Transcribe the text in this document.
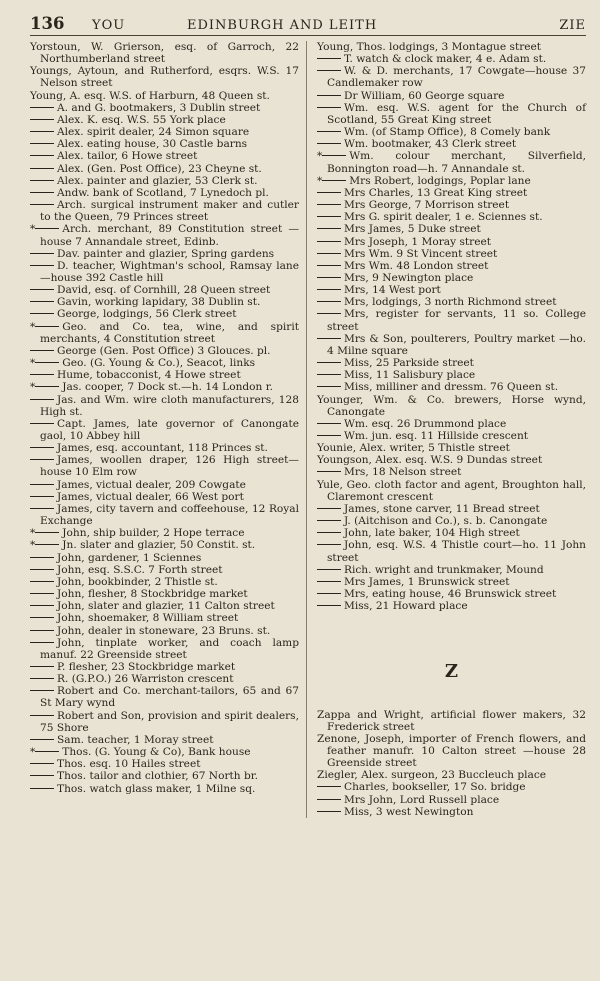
136	YOU	EDINBURGH AND LEITH	ZIE
Yorstoun, W. Grierson, esq. of Garroch, 22 Northumberland street
Youngs, Aytoun, and Rutherford, esqrs. W.S. 17 Nelson street
Young, A. esq. W.S. of Harburn, 48 Queen st.
A. and G. bootmakers, 3 Dublin street
Alex. K. esq. W.S. 55 York place
Alex. spirit dealer, 24 Simon square
Alex. eating house, 30 Castle barns
Alex. tailor, 6 Howe street
Alex. (Gen. Post Office), 23 Cheyne st.
Alex. painter and glazier, 53 Clerk st.
Andw. bank of Scotland, 7 Lynedoch pl.
Arch. surgical instrument maker and cutler to the Queen, 79 Princes street
*	Arch. merchant, 89 Constitution street —house 7 Annandale street, Edinb.
Dav. painter and glazier, Spring gardens
D. teacher, Wightman's school, Ramsay lane—house 392 Castle hill
David, esq. of Cornhill, 28 Queen street
Gavin, working lapidary, 38 Dublin st.
George, lodgings, 56 Clerk street
*	Geo. and Co. tea, wine, and spirit merchants, 4 Constitution street
George (Gen. Post Office) 3 Glouces. pl.
*	Geo. (G. Young & Co.), Seacot, links
Hume, tobacconist, 4 Howe street
*	Jas. cooper, 7 Dock st.—h. 14 London r.
Jas. and Wm. wire cloth manufacturers, 128 High st.
Capt. James, late governor of Canongate gaol, 10 Abbey hill
James, esq. accountant, 118 Princes st.
James, woollen draper, 126 High street—house 10 Elm row
James, victual dealer, 209 Cowgate
James, victual dealer, 66 West port
James, city tavern and coffeehouse, 12 Royal Exchange
*	John, ship builder, 2 Hope terrace
*	Jn. slater and glazier, 50 Constit. st.
John, gardener, 1 Sciennes
John, esq. S.S.C. 7 Forth street
John, bookbinder, 2 Thistle st.
John, flesher, 8 Stockbridge market
John, slater and glazier, 11 Calton street
John, shoemaker, 8 William street
John, dealer in stoneware, 23 Bruns. st.
John, tinplate worker, and coach lamp manuf. 22 Greenside street
P. flesher, 23 Stockbridge market
R. (G.P.O.) 26 Warriston crescent
Robert and Co. merchant-tailors, 65 and 67 St Mary wynd
Robert and Son, provision and spirit dealers, 75 Shore
Sam. teacher, 1 Moray street
*	Thos. (G. Young & Co), Bank house
Thos. esq. 10 Hailes street
Thos. tailor and clothier, 67 North br.
Thos. watch glass maker, 1 Milne sq.
Young, Thos. lodgings, 3 Montague street
T. watch & clock maker, 4 e. Adam st.
W. & D. merchants, 17 Cowgate—house 37 Candlemaker row
Dr William, 60 George square
Wm. esq. W.S. agent for the Church of Scotland, 55 Great King street
Wm. (of Stamp Office), 8 Comely bank
Wm. bootmaker, 43 Clerk street
*	Wm. colour merchant, Silverfield, Bonnington road—h. 7 Annandale st.
*	Mrs Robert, lodgings, Poplar lane
Mrs Charles, 13 Great King street
Mrs George, 7 Morrison street
Mrs G. spirit dealer, 1 e. Sciennes st.
Mrs James, 5 Duke street
Mrs Joseph, 1 Moray street
Mrs Wm. 9 St Vincent street
Mrs Wm. 48 London street
Mrs, 9 Newington place
Mrs, 14 West port
Mrs, lodgings, 3 north Richmond street
Mrs, register for servants, 11 so. College street
Mrs & Son, poulterers, Poultry market —ho. 4 Milne square
Miss, 25 Parkside street
Miss, 11 Salisbury place
Miss, milliner and dressm. 76 Queen st.
Younger, Wm. & Co. brewers, Horse wynd, Canongate
Wm. esq. 26 Drummond place
Wm. jun. esq. 11 Hillside crescent
Younie, Alex. writer, 5 Thistle street
Youngson, Alex. esq. W.S. 9 Dundas street
Mrs, 18 Nelson street
Yule, Geo. cloth factor and agent, Broughton hall, Claremont crescent
James, stone carver, 11 Bread street
J. (Aitchison and Co.), s. b. Canongate
John, late baker, 104 High street
John, esq. W.S. 4 Thistle court—ho. 11 John street
Rich. wright and trunkmaker, Mound
Mrs James, 1 Brunswick street
Mrs, eating house, 46 Brunswick street
Miss, 21 Howard place
Z
Zappa and Wright, artificial flower makers, 32 Frederick street
Zenone, Joseph, importer of French flowers, and feather manufr. 10 Calton street —house 28 Greenside street
Ziegler, Alex. surgeon, 23 Buccleuch place
Charles, bookseller, 17 So. bridge
Mrs John, Lord Russell place
Miss, 3 west Newington
